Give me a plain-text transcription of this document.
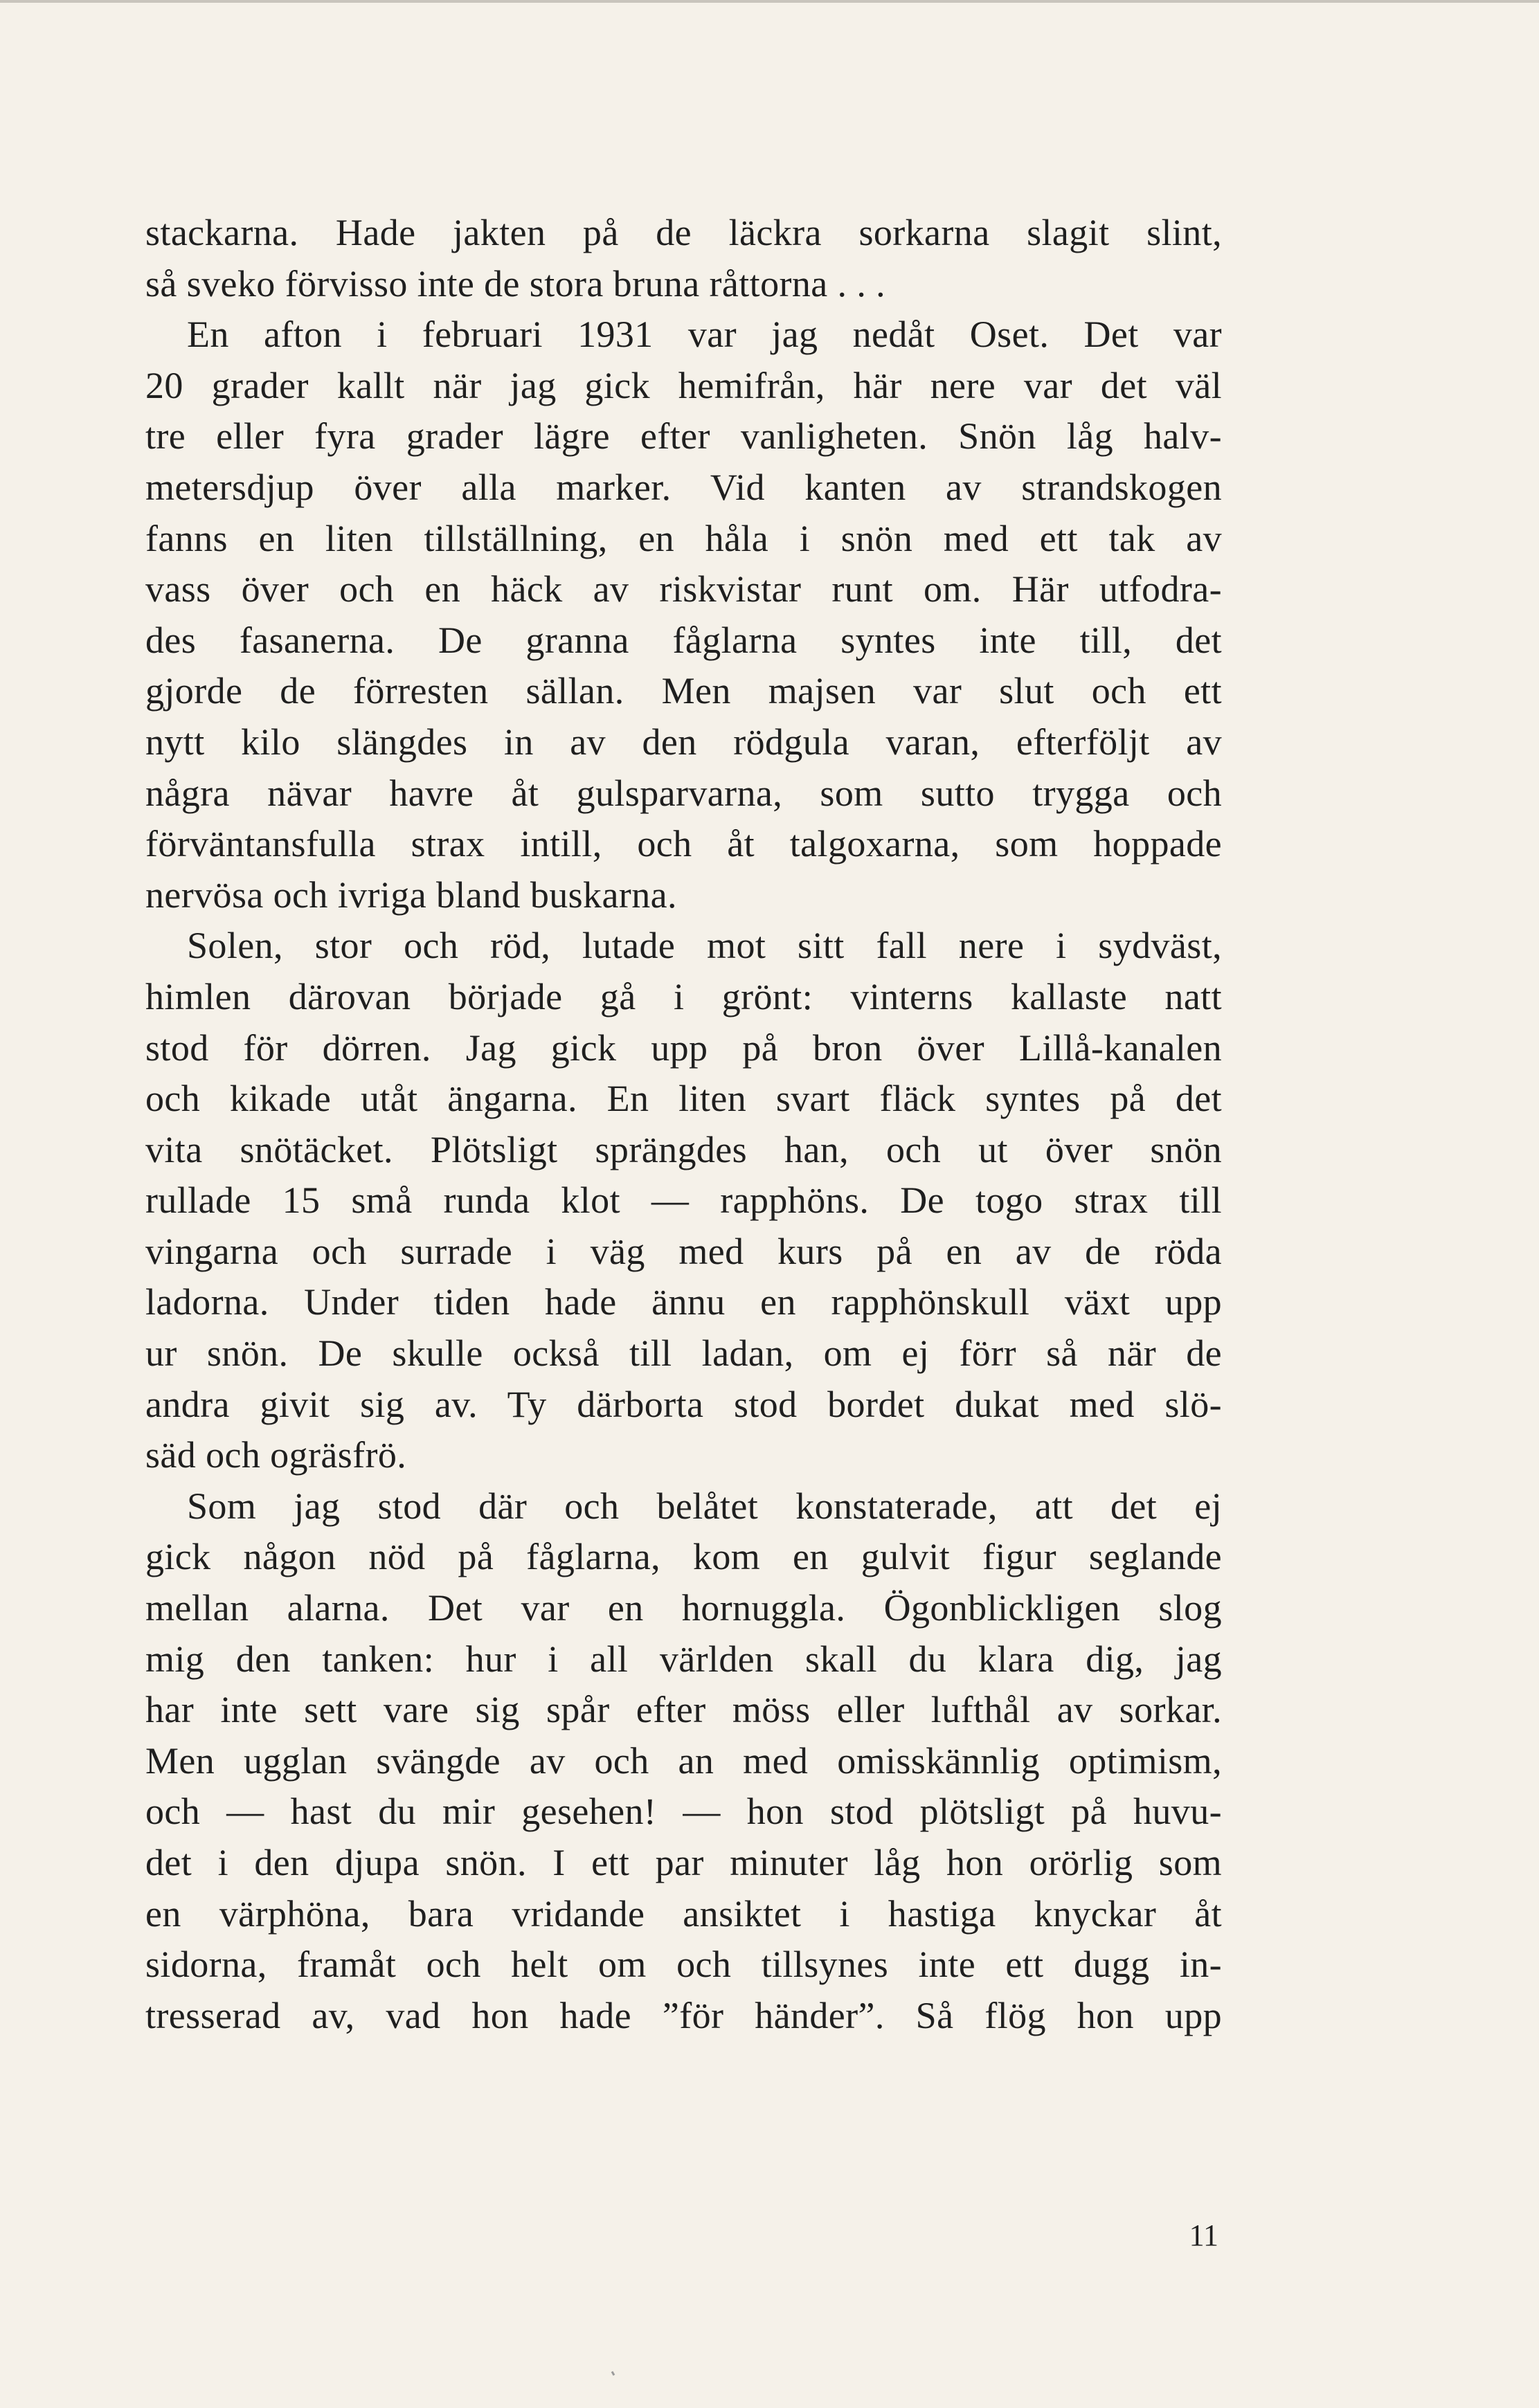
stackarna. Hade jakten på de läckra sorkarna slagit slint,
så sveko förvisso inte de stora bruna råttorna . . .
En afton i februari 1931 var jag nedåt Oset. Det var
20 grader kallt när jag gick hemifrån, här nere var det väl
tre eller fyra grader lägre efter vanligheten. Snön låg halv-
metersdjup över alla marker. Vid kanten av strandskogen
fanns en liten tillställning, en håla i snön med ett tak av
vass över och en häck av riskvistar runt om. Här utfodra-
des fasanerna. De granna fåglarna syntes inte till, det
gjorde de förresten sällan. Men majsen var slut och ett
nytt kilo slängdes in av den rödgula varan, efterföljt av
några nävar havre åt gulsparvarna, som sutto trygga och
förväntansfulla strax intill, och åt talgoxarna, som hoppade
nervösa och ivriga bland buskarna.
Solen, stor och röd, lutade mot sitt fall nere i sydväst,
himlen därovan började gå i grönt: vinterns kallaste natt
stod för dörren. Jag gick upp på bron över Lillå-kanalen
och kikade utåt ängarna. En liten svart fläck syntes på det
vita snötäcket. Plötsligt sprängdes han, och ut över snön
rullade 15 små runda klot — rapphöns. De togo strax till
vingarna och surrade i väg med kurs på en av de röda
ladorna. Under tiden hade ännu en rapphönskull växt upp
ur snön. De skulle också till ladan, om ej förr så när de
andra givit sig av. Ty därborta stod bordet dukat med slö-
säd och ogräsfrö.
Som jag stod där och belåtet konstaterade, att det ej
gick någon nöd på fåglarna, kom en gulvit figur seglande
mellan alarna. Det var en hornuggla. Ögonblickligen slog
mig den tanken: hur i all världen skall du klara dig, jag
har inte sett vare sig spår efter möss eller lufthål av sorkar.
Men ugglan svängde av och an med omisskännlig optimism,
och — hast du mir gesehen! — hon stod plötsligt på huvu-
det i den djupa snön. I ett par minuter låg hon orörlig som
en värphöna, bara vridande ansiktet i hastiga knyckar åt
sidorna, framåt och helt om och tillsynes inte ett dugg in-
tresserad av, vad hon hade ”för händer”. Så flög hon upp
11
